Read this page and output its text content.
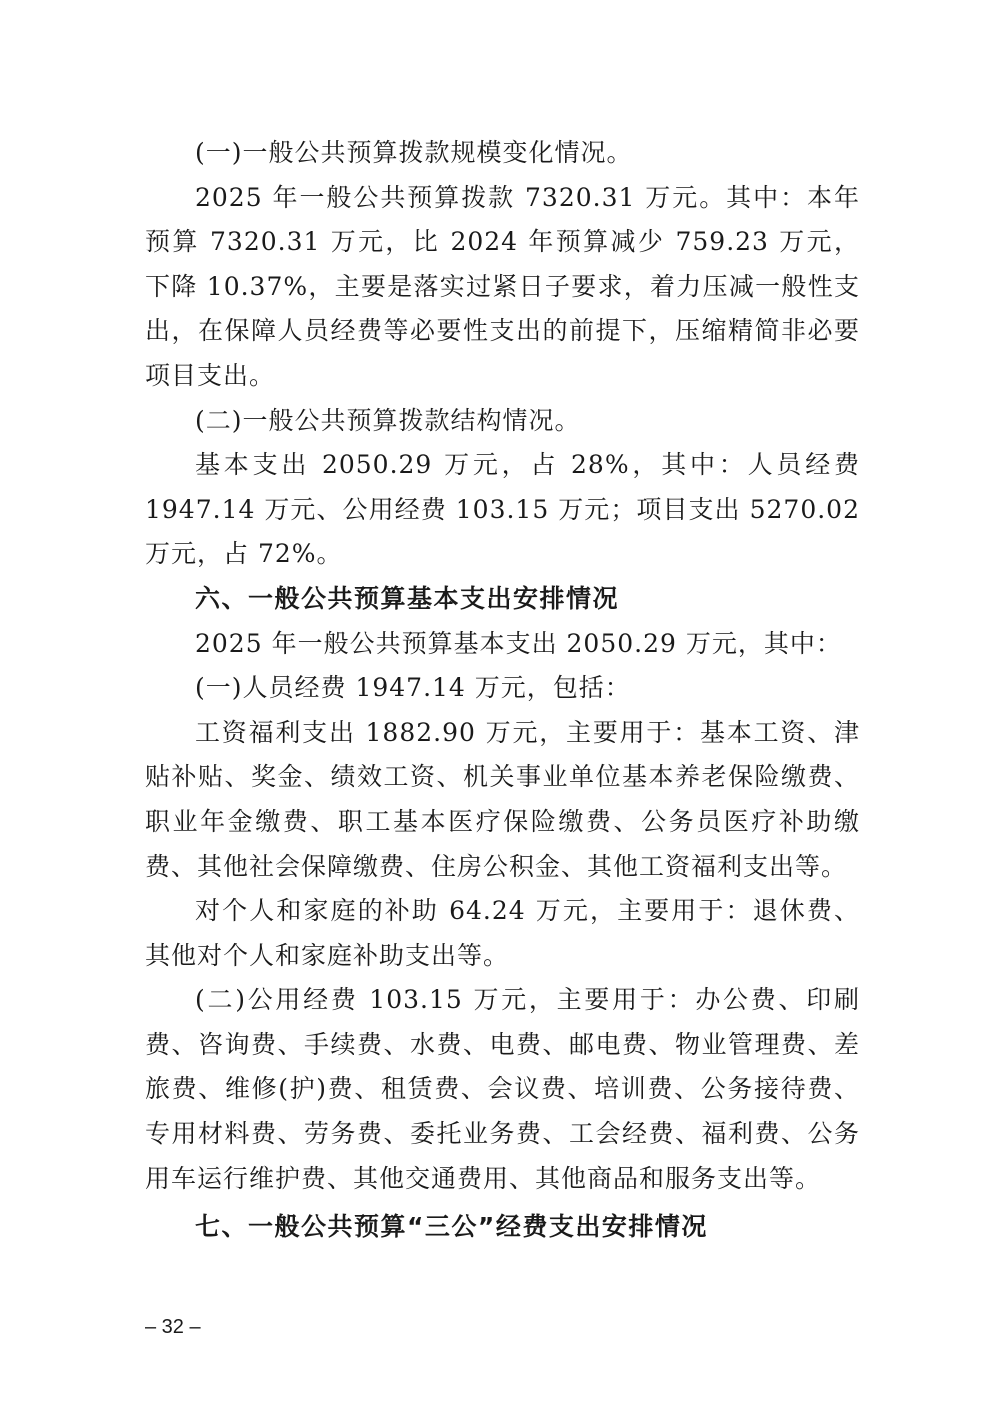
(一)一般公共预算拨款规模变化情况。

2025 年一般公共预算拨款 7320.31 万元。其中：本年预算 7320.31 万元，比 2024 年预算减少 759.23 万元，下降 10.37%，主要是落实过紧日子要求，着力压减一般性支出，在保障人员经费等必要性支出的前提下，压缩精简非必要项目支出。

(二)一般公共预算拨款结构情况。

基本支出 2050.29 万元，占 28%，其中：人员经费 1947.14 万元、公用经费 103.15 万元；项目支出 5270.02 万元，占 72%。

六、一般公共预算基本支出安排情况

2025 年一般公共预算基本支出 2050.29 万元，其中：

(一)人员经费 1947.14 万元，包括：

工资福利支出 1882.90 万元，主要用于：基本工资、津贴补贴、奖金、绩效工资、机关事业单位基本养老保险缴费、职业年金缴费、职工基本医疗保险缴费、公务员医疗补助缴费、其他社会保障缴费、住房公积金、其他工资福利支出等。

对个人和家庭的补助 64.24 万元，主要用于：退休费、其他对个人和家庭补助支出等。

(二)公用经费 103.15 万元，主要用于：办公费、印刷费、咨询费、手续费、水费、电费、邮电费、物业管理费、差旅费、维修(护)费、租赁费、会议费、培训费、公务接待费、专用材料费、劳务费、委托业务费、工会经费、福利费、公务用车运行维护费、其他交通费用、其他商品和服务支出等。

七、一般公共预算“三公”经费支出安排情况

– 32 –
